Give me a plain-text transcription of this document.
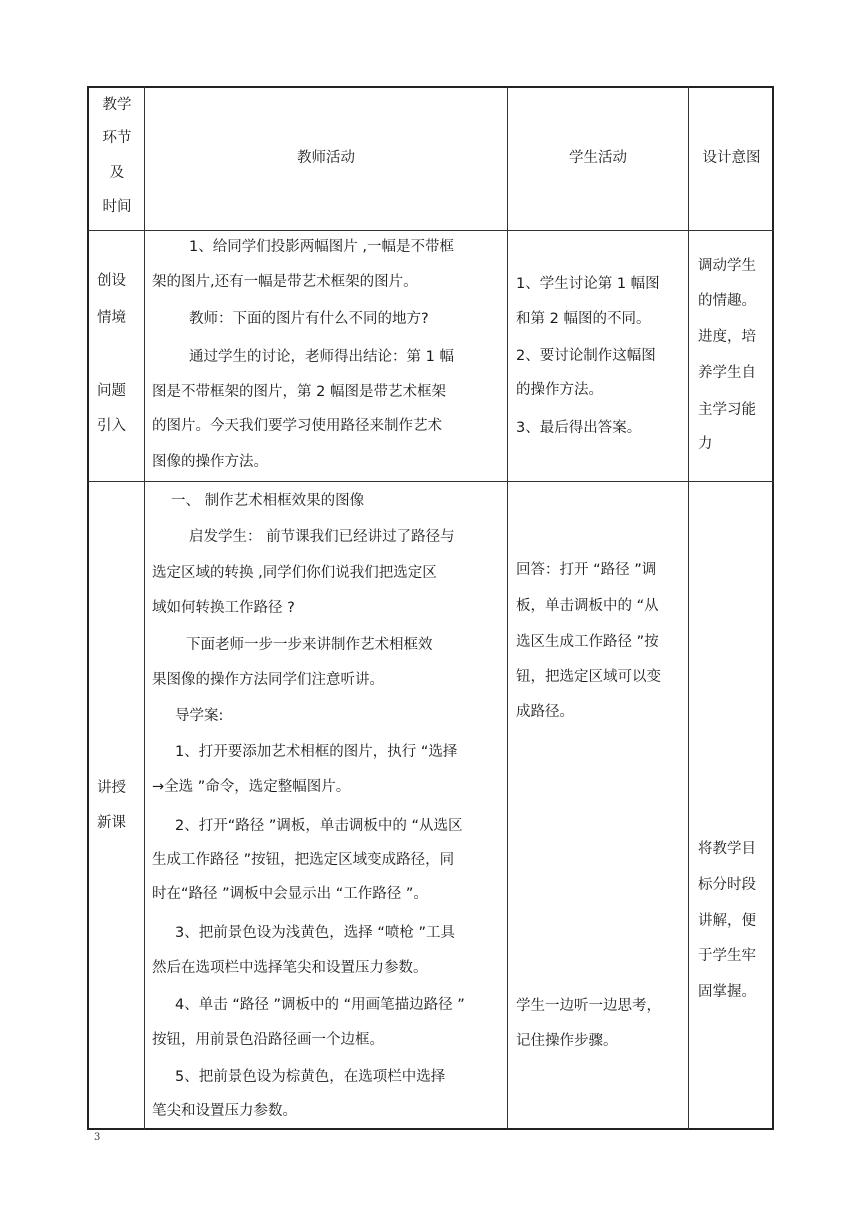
教学
环节
及
时间
教师活动	学生活动	设计意图
创设
情境
问题
引入
1、给同学们投影两幅图片 ,一幅是不带框
架的图片,还有一幅是带艺术框架的图片。
教师：下面的图片有什么不同的地方?
通过学生的讨论，老师得出结论：第 1 幅
图是不带框架的图片，第 2 幅图是带艺术框架
的图片。今天我们要学习使用路径来制作艺术
图像的操作方法。
1、学生讨论第 1 幅图
和第 2 幅图的不同。
2、要讨论制作这幅图
的操作方法。
3、最后得出答案。
调动学生
的情趣。
进度，培
养学生自
主学习能
力
讲授
新课
一、 制作艺术相框效果的图像
启发学生： 前节课我们已经讲过了路径与
选定区域的转换 ,同学们你们说我们把选定区
域如何转换工作路径 ?
下面老师一步一步来讲制作艺术相框效
果图像的操作方法同学们注意听讲。
导学案:
1、打开要添加艺术相框的图片，执行 “选择
→全选 ”命令，选定整幅图片。
2、打开“路径 ”调板，单击调板中的 “从选区
生成工作路径 ”按钮，把选定区域变成路径，同
时在“路径 ”调板中会显示出 “工作路径 ”。
3、把前景色设为浅黄色，选择 “喷枪 ”工具
然后在选项栏中选择笔尖和设置压力参数。
4、单击 “路径 ”调板中的 “用画笔描边路径 ”
按钮，用前景色沿路径画一个边框。
5、把前景色设为棕黄色，在选项栏中选择
笔尖和设置压力参数。
回答：打开 “路径 ”调
板，单击调板中的 “从
选区生成工作路径 ”按
钮，把选定区域可以变
成路径。
学生一边听一边思考，
记住操作步骤。
将教学目
标分时段
讲解，便
于学生牢
固掌握。
3
